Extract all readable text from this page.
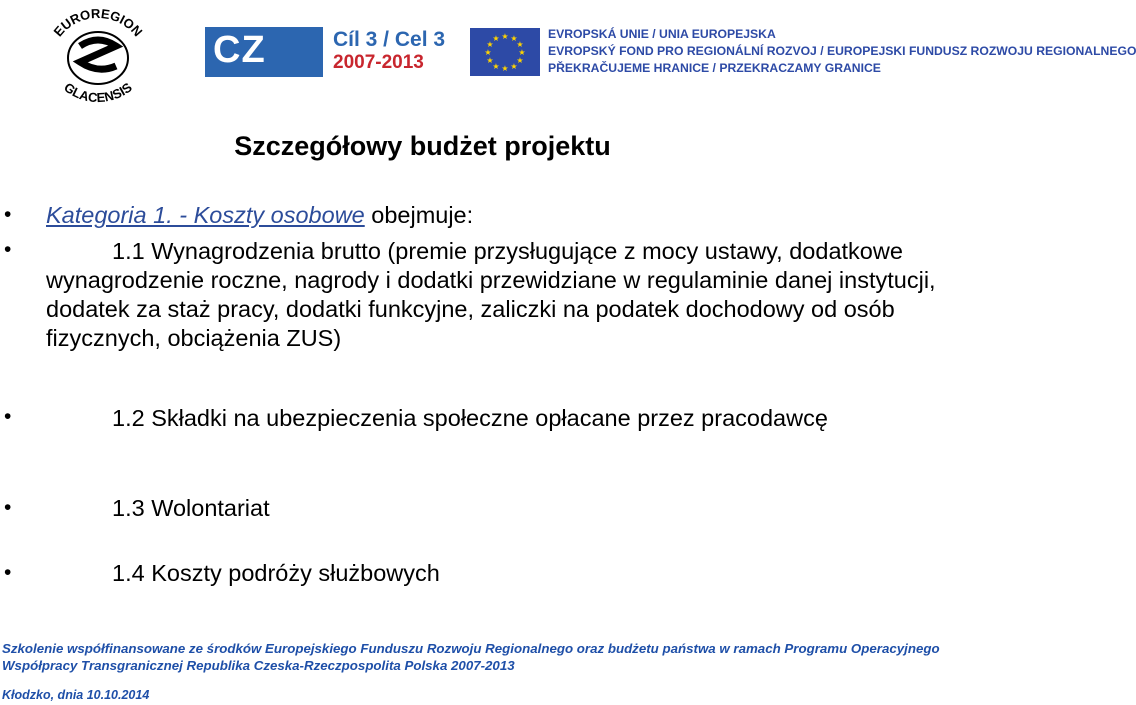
EUROREGION
GLACENSIS
CZ PL
Cíl 3 / Cel 3
2007-2013
★ ★
★
★
★
★
★
★
★
★
★
★	EVROPSKÁ UNIE / UNIA EUROPEJSKA
EVROPSKÝ FOND PRO REGIONÁLNÍ ROZVOJ / EUROPEJSKI FUNDUSZ ROZWOJU REGIONALNEGO
PŘEKRAČUJEME HRANICE / PRZEKRACZAMY GRANICE
Szczegółowy budżet projektu
• Kategoria 1. - Koszty osobowe obejmuje:
•	1.1 Wynagrodzenia brutto (premie przysługujące z mocy ustawy, dodatkowe wynagrodzenie roczne, nagrody i dodatki przewidziane w regulaminie danej instytucji, dodatek za staż pracy, dodatki funkcyjne, zaliczki na podatek dochodowy od osób fizycznych, obciążenia ZUS)
•	1.2 Składki na ubezpieczenia społeczne opłacane przez pracodawcę
•	1.3 Wolontariat
•	1.4 Koszty podróży służbowych
Szkolenie współfinansowane ze środków Europejskiego Funduszu Rozwoju Regionalnego oraz budżetu państwa w ramach Programu Operacyjnego
Współpracy Transgranicznej Republika Czeska-Rzeczpospolita Polska 2007-2013
Kłodzko, dnia 10.10.2014
